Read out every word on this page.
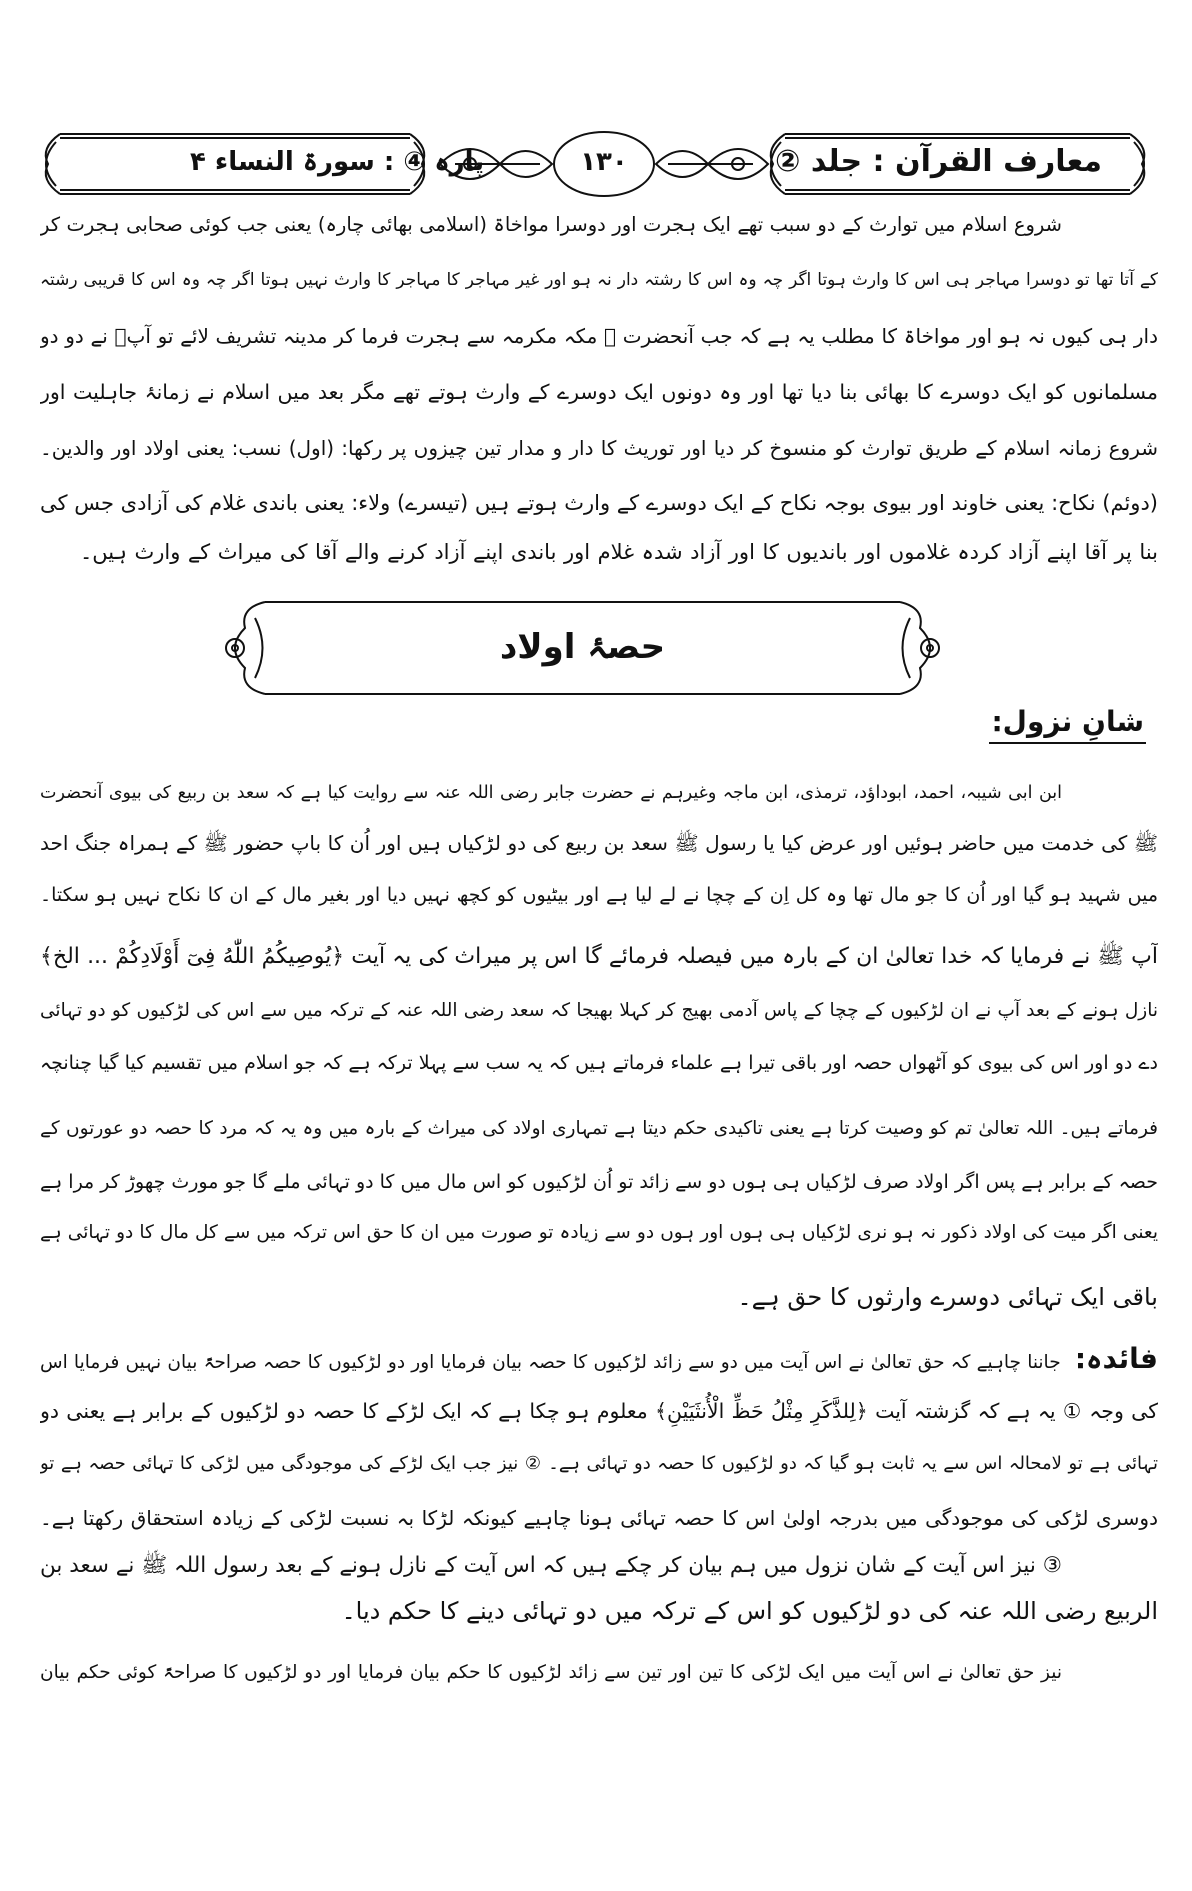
پارہ ④ : سورۃ النساء ۴	۱۳۰	معارف القرآن : جلد ②
شروع اسلام میں توارث کے دو سبب تھے ایک ہجرت اور دوسرا مواخاۃ (اسلامی بھائی چارہ) یعنی جب کوئی صحابی ہجرت کر
کے آتا تھا تو دوسرا مہاجر ہی اس کا وارث ہوتا اگر چہ وہ اس کا رشتہ دار نہ ہو اور غیر مہاجر کا مہاجر کا وارث نہیں ہوتا اگر چہ وہ اس کا قریبی رشتہ
دار ہی کیوں نہ ہو اور مواخاۃ کا مطلب یہ ہے کہ جب آنحضرت ﷺ مکہ مکرمہ سے ہجرت فرما کر مدینہ تشریف لائے تو آپؐ نے دو دو
مسلمانوں کو ایک دوسرے کا بھائی بنا دیا تھا اور وہ دونوں ایک دوسرے کے وارث ہوتے تھے مگر بعد میں اسلام نے زمانۂ جاہلیت اور
شروع زمانہ اسلام کے طریق توارث کو منسوخ کر دیا اور توریث کا دار و مدار تین چیزوں پر رکھا: (اول) نسب: یعنی اولاد اور والدین۔
(دوئم) نکاح: یعنی خاوند اور بیوی بوجہ نکاح کے ایک دوسرے کے وارث ہوتے ہیں (تیسرے) ولاء: یعنی باندی غلام کی آزادی جس کی
بنا پر آقا اپنے آزاد کردہ غلاموں اور باندیوں کا اور آزاد شدہ غلام اور باندی اپنے آزاد کرنے والے آقا کی میراث کے وارث ہیں۔
حصۂ اولاد
شانِ نزول:
ابن ابی شیبہ، احمد، ابوداؤد، ترمذی، ابن ماجہ وغیرہم نے حضرت جابر رضی اللہ عنہ سے روایت کیا ہے کہ سعد بن ربیع کی بیوی آنحضرت
ﷺ کی خدمت میں حاضر ہوئیں اور عرض کیا یا رسول ﷺ سعد بن ربیع کی دو لڑکیاں ہیں اور اُن کا باپ حضور ﷺ کے ہمراہ جنگ احد
میں شہید ہو گیا اور اُن کا جو مال تھا وہ کل اِن کے چچا نے لے لیا ہے اور بیٹیوں کو کچھ نہیں دیا اور بغیر مال کے ان کا نکاح نہیں ہو سکتا۔
آپ ﷺ نے فرمایا کہ خدا تعالیٰ ان کے بارہ میں فیصلہ فرمائے گا اس پر میراث کی یہ آیت ﴿يُوصِيكُمُ اللّٰهُ فِىٓ أَوْلَادِكُمْ ... الخ﴾
نازل ہونے کے بعد آپ نے ان لڑکیوں کے چچا کے پاس آدمی بھیج کر کہلا بھیجا کہ سعد رضی اللہ عنہ کے ترکہ میں سے اس کی لڑکیوں کو دو تہائی
دے دو اور اس کی بیوی کو آٹھواں حصہ اور باقی تیرا ہے علماء فرماتے ہیں کہ یہ سب سے پہلا ترکہ ہے کہ جو اسلام میں تقسیم کیا گیا چنانچہ
فرماتے ہیں۔ اللہ تعالیٰ تم کو وصیت کرتا ہے یعنی تاکیدی حکم دیتا ہے تمہاری اولاد کی میراث کے بارہ میں وہ یہ کہ مرد کا حصہ دو عورتوں کے
حصہ کے برابر ہے پس اگر اولاد صرف لڑکیاں ہی ہوں دو سے زائد تو اُن لڑکیوں کو اس مال میں کا دو تہائی ملے گا جو مورث چھوڑ کر مرا ہے
یعنی اگر میت کی اولاد ذکور نہ ہو نری لڑکیاں ہی ہوں اور ہوں دو سے زیادہ تو صورت میں ان کا حق اس ترکہ میں سے کل مال کا دو تہائی ہے
باقی ایک تہائی دوسرے وارثوں کا حق ہے۔
فائدہ: جاننا چاہیے کہ حق تعالیٰ نے اس آیت میں دو سے زائد لڑکیوں کا حصہ بیان فرمایا اور دو لڑکیوں کا حصہ صراحۃً بیان نہیں فرمایا اس
کی وجہ ① یہ ہے کہ گزشتہ آیت ﴿لِلذَّكَرِ مِثْلُ حَظِّ الْأُنثَيَيْنِ﴾ معلوم ہو چکا ہے کہ ایک لڑکے کا حصہ دو لڑکیوں کے برابر ہے یعنی دو
تہائی ہے تو لامحالہ اس سے یہ ثابت ہو گیا کہ دو لڑکیوں کا حصہ دو تہائی ہے۔ ② نیز جب ایک لڑکے کی موجودگی میں لڑکی کا تہائی حصہ ہے تو
دوسری لڑکی کی موجودگی میں بدرجہ اولیٰ اس کا حصہ تہائی ہونا چاہیے کیونکہ لڑکا بہ نسبت لڑکی کے زیادہ استحقاق رکھتا ہے۔
③ نیز اس آیت کے شان نزول میں ہم بیان کر چکے ہیں کہ اس آیت کے نازل ہونے کے بعد رسول اللہ ﷺ نے سعد بن
الربیع رضی اللہ عنہ کی دو لڑکیوں کو اس کے ترکہ میں دو تہائی دینے کا حکم دیا۔
نیز حق تعالیٰ نے اس آیت میں ایک لڑکی کا تین اور تین سے زائد لڑکیوں کا حکم بیان فرمایا اور دو لڑکیوں کا صراحۃً کوئی حکم بیان
